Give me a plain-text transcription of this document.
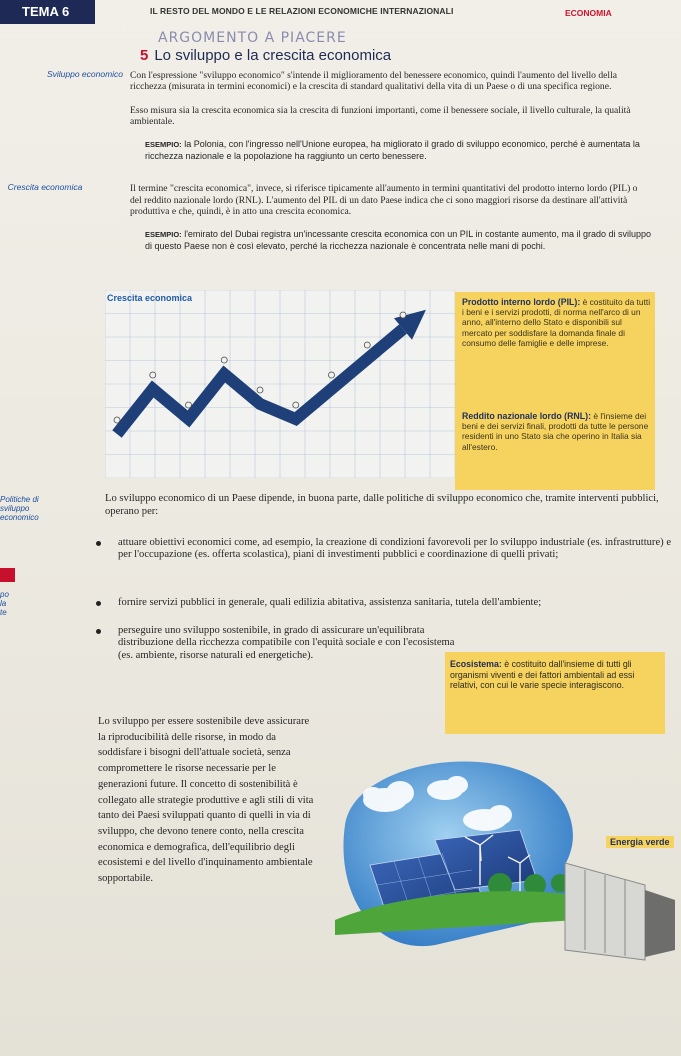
TEMA 6	IL RESTO DEL MONDO E LE RELAZIONI ECONOMICHE INTERNAZIONALI	ECONOMIA
ARGOMENTO A PIACERE
5 Lo sviluppo e la crescita economica
Sviluppo economico Con l'espressione "sviluppo economico" s'intende il miglioramento del benessere economico, quindi l'aumento del livello della ricchezza (misurata in termini economici) e la crescita di standard qualitativi della vita di un Paese o di una specifica regione.
Esso misura sia la crescita economica sia la crescita di funzioni importanti, come il benessere sociale, il livello culturale, la qualità ambientale.
ESEMPIO: la Polonia, con l'ingresso nell'Unione europea, ha migliorato il grado di sviluppo economico, perché è aumentata la ricchezza nazionale e la popolazione ha raggiunto un certo benessere.
Crescita economica	Il termine "crescita economica", invece, si riferisce tipicamente all'aumento in termini quantitativi del prodotto interno lordo (PIL) o del reddito nazionale lordo (RNL). L'aumento del PIL di un dato Paese indica che ci sono maggiori risorse da destinare all'attività produttiva e che, quindi, è in atto una crescita economica.
ESEMPIO: l'emirato del Dubai registra un'incessante crescita economica con un PIL in costante aumento, ma il grado di sviluppo di questo Paese non è così elevato, perché la ricchezza nazionale è concentrata nelle mani di pochi.
Crescita economica	Prodotto interno lordo (PIL): è costituito da tutti i beni e i servizi prodotti, di norma nell'arco di un anno, all'interno dello Stato e disponibili sul mercato per soddisfare la domanda finale di consumo delle famiglie e delle imprese.
Reddito nazionale lordo (RNL): è l'insieme dei beni e dei servizi finali, prodotti da tutte le persone residenti in uno Stato sia che operino in Italia sia all'estero.
Politiche di sviluppo economico
Lo sviluppo economico di un Paese dipende, in buona parte, dalle politiche di sviluppo economico che, tramite interventi pubblici, operano per:
po
la
te
attuare obiettivi economici come, ad esempio, la creazione di condizioni favorevoli per lo sviluppo industriale (es. infrastrutture) e per l'occupazione (es. offerta scolastica), piani di investimenti pubblici e coordinazione di quelli privati;
fornire servizi pubblici in generale, quali edilizia abitativa, assistenza sanitaria, tutela dell'ambiente;
perseguire uno sviluppo sostenibile, in grado di assicurare un'equilibrata distribuzione della ricchezza compatibile con l'equità sociale e con l'ecosistema (es. ambiente, risorse naturali ed energetiche).
Ecosistema: è costituito dall'insieme di tutti gli organismi viventi e dei fattori ambientali ad essi relativi, con cui le varie specie interagiscono.
Lo sviluppo per essere sostenibile deve assicurare la riproducibilità delle risorse, in modo da soddisfare i bisogni dell'attuale società, senza compromettere le risorse necessarie per le generazioni future. Il concetto di sostenibilità è collegato alle strategie produttive e agli stili di vita tanto dei Paesi sviluppati quanto di quelli in via di sviluppo, che devono tenere conto, nella crescita economica e demografica, dell'equilibrio degli ecosistemi e del livello d'inquinamento ambientale sopportabile.
Energia verde
